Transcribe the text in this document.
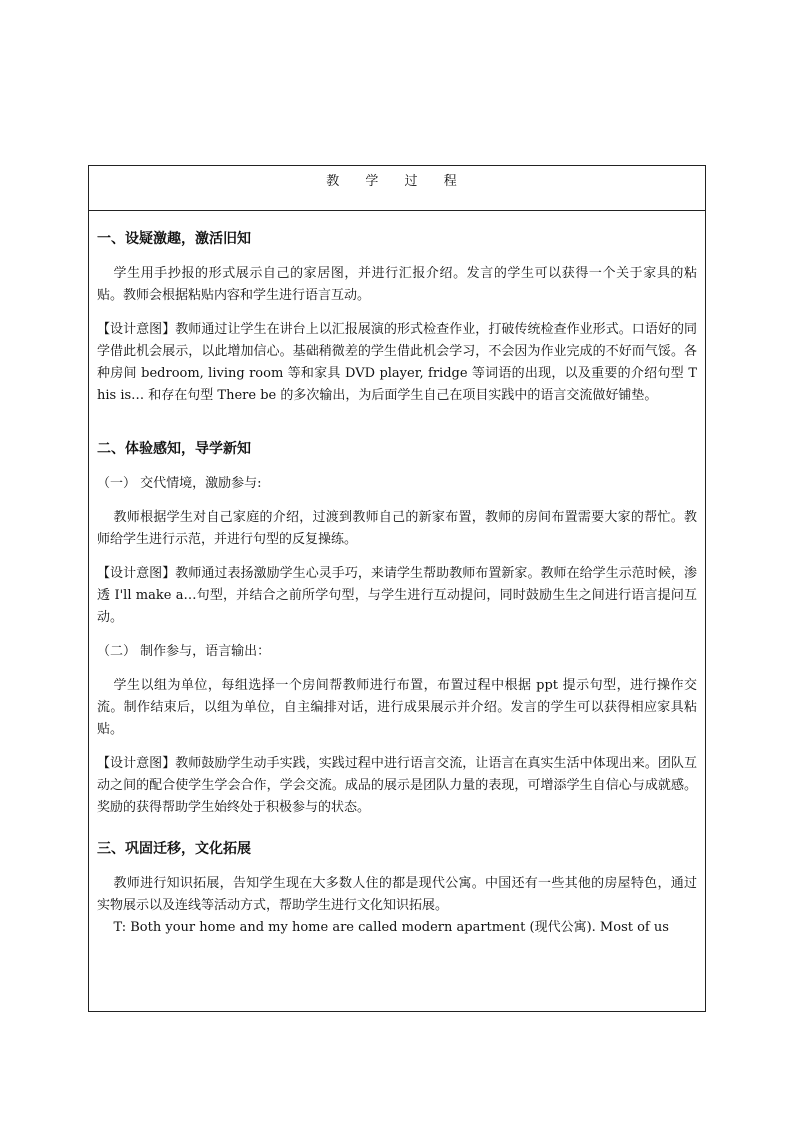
教 学 过 程
一、设疑激趣，激活旧知

学生用手抄报的形式展示自己的家居图，并进行汇报介绍。发言的学生可以获得一个关于家具的粘贴。教师会根据粘贴内容和学生进行语言互动。

【设计意图】教师通过让学生在讲台上以汇报展演的形式检查作业，打破传统检查作业形式。口语好的同学借此机会展示，以此增加信心。基础稍微差的学生借此机会学习，不会因为作业完成的不好而气馁。各种房间 bedroom, living room 等和家具 DVD player, fridge 等词语的出现，以及重要的介绍句型 This is… 和存在句型 There be 的多次输出，为后面学生自己在项目实践中的语言交流做好铺垫。

二、体验感知，导学新知
（一） 交代情境，激励参与:

教师根据学生对自己家庭的介绍，过渡到教师自己的新家布置，教师的房间布置需要大家的帮忙。教师给学生进行示范，并进行句型的反复操练。

【设计意图】教师通过表扬激励学生心灵手巧，来请学生帮助教师布置新家。教师在给学生示范时候，渗透 I'll make a…句型，并结合之前所学句型，与学生进行互动提问，同时鼓励生生之间进行语言提问互动。

（二） 制作参与，语言输出：

学生以组为单位，每组选择一个房间帮教师进行布置，布置过程中根据 ppt 提示句型，进行操作交流。制作结束后，以组为单位，自主编排对话，进行成果展示并介绍。发言的学生可以获得相应家具粘贴。

【设计意图】教师鼓励学生动手实践，实践过程中进行语言交流，让语言在真实生活中体现出来。团队互动之间的配合使学生学会合作，学会交流。成品的展示是团队力量的表现，可增添学生自信心与成就感。奖励的获得帮助学生始终处于积极参与的状态。

三、巩固迁移，文化拓展

教师进行知识拓展，告知学生现在大多数人住的都是现代公寓。中国还有一些其他的房屋特色，通过实物展示以及连线等活动方式，帮助学生进行文化知识拓展。

T: Both your home and my home are called modern apartment (现代公寓). Most of us
